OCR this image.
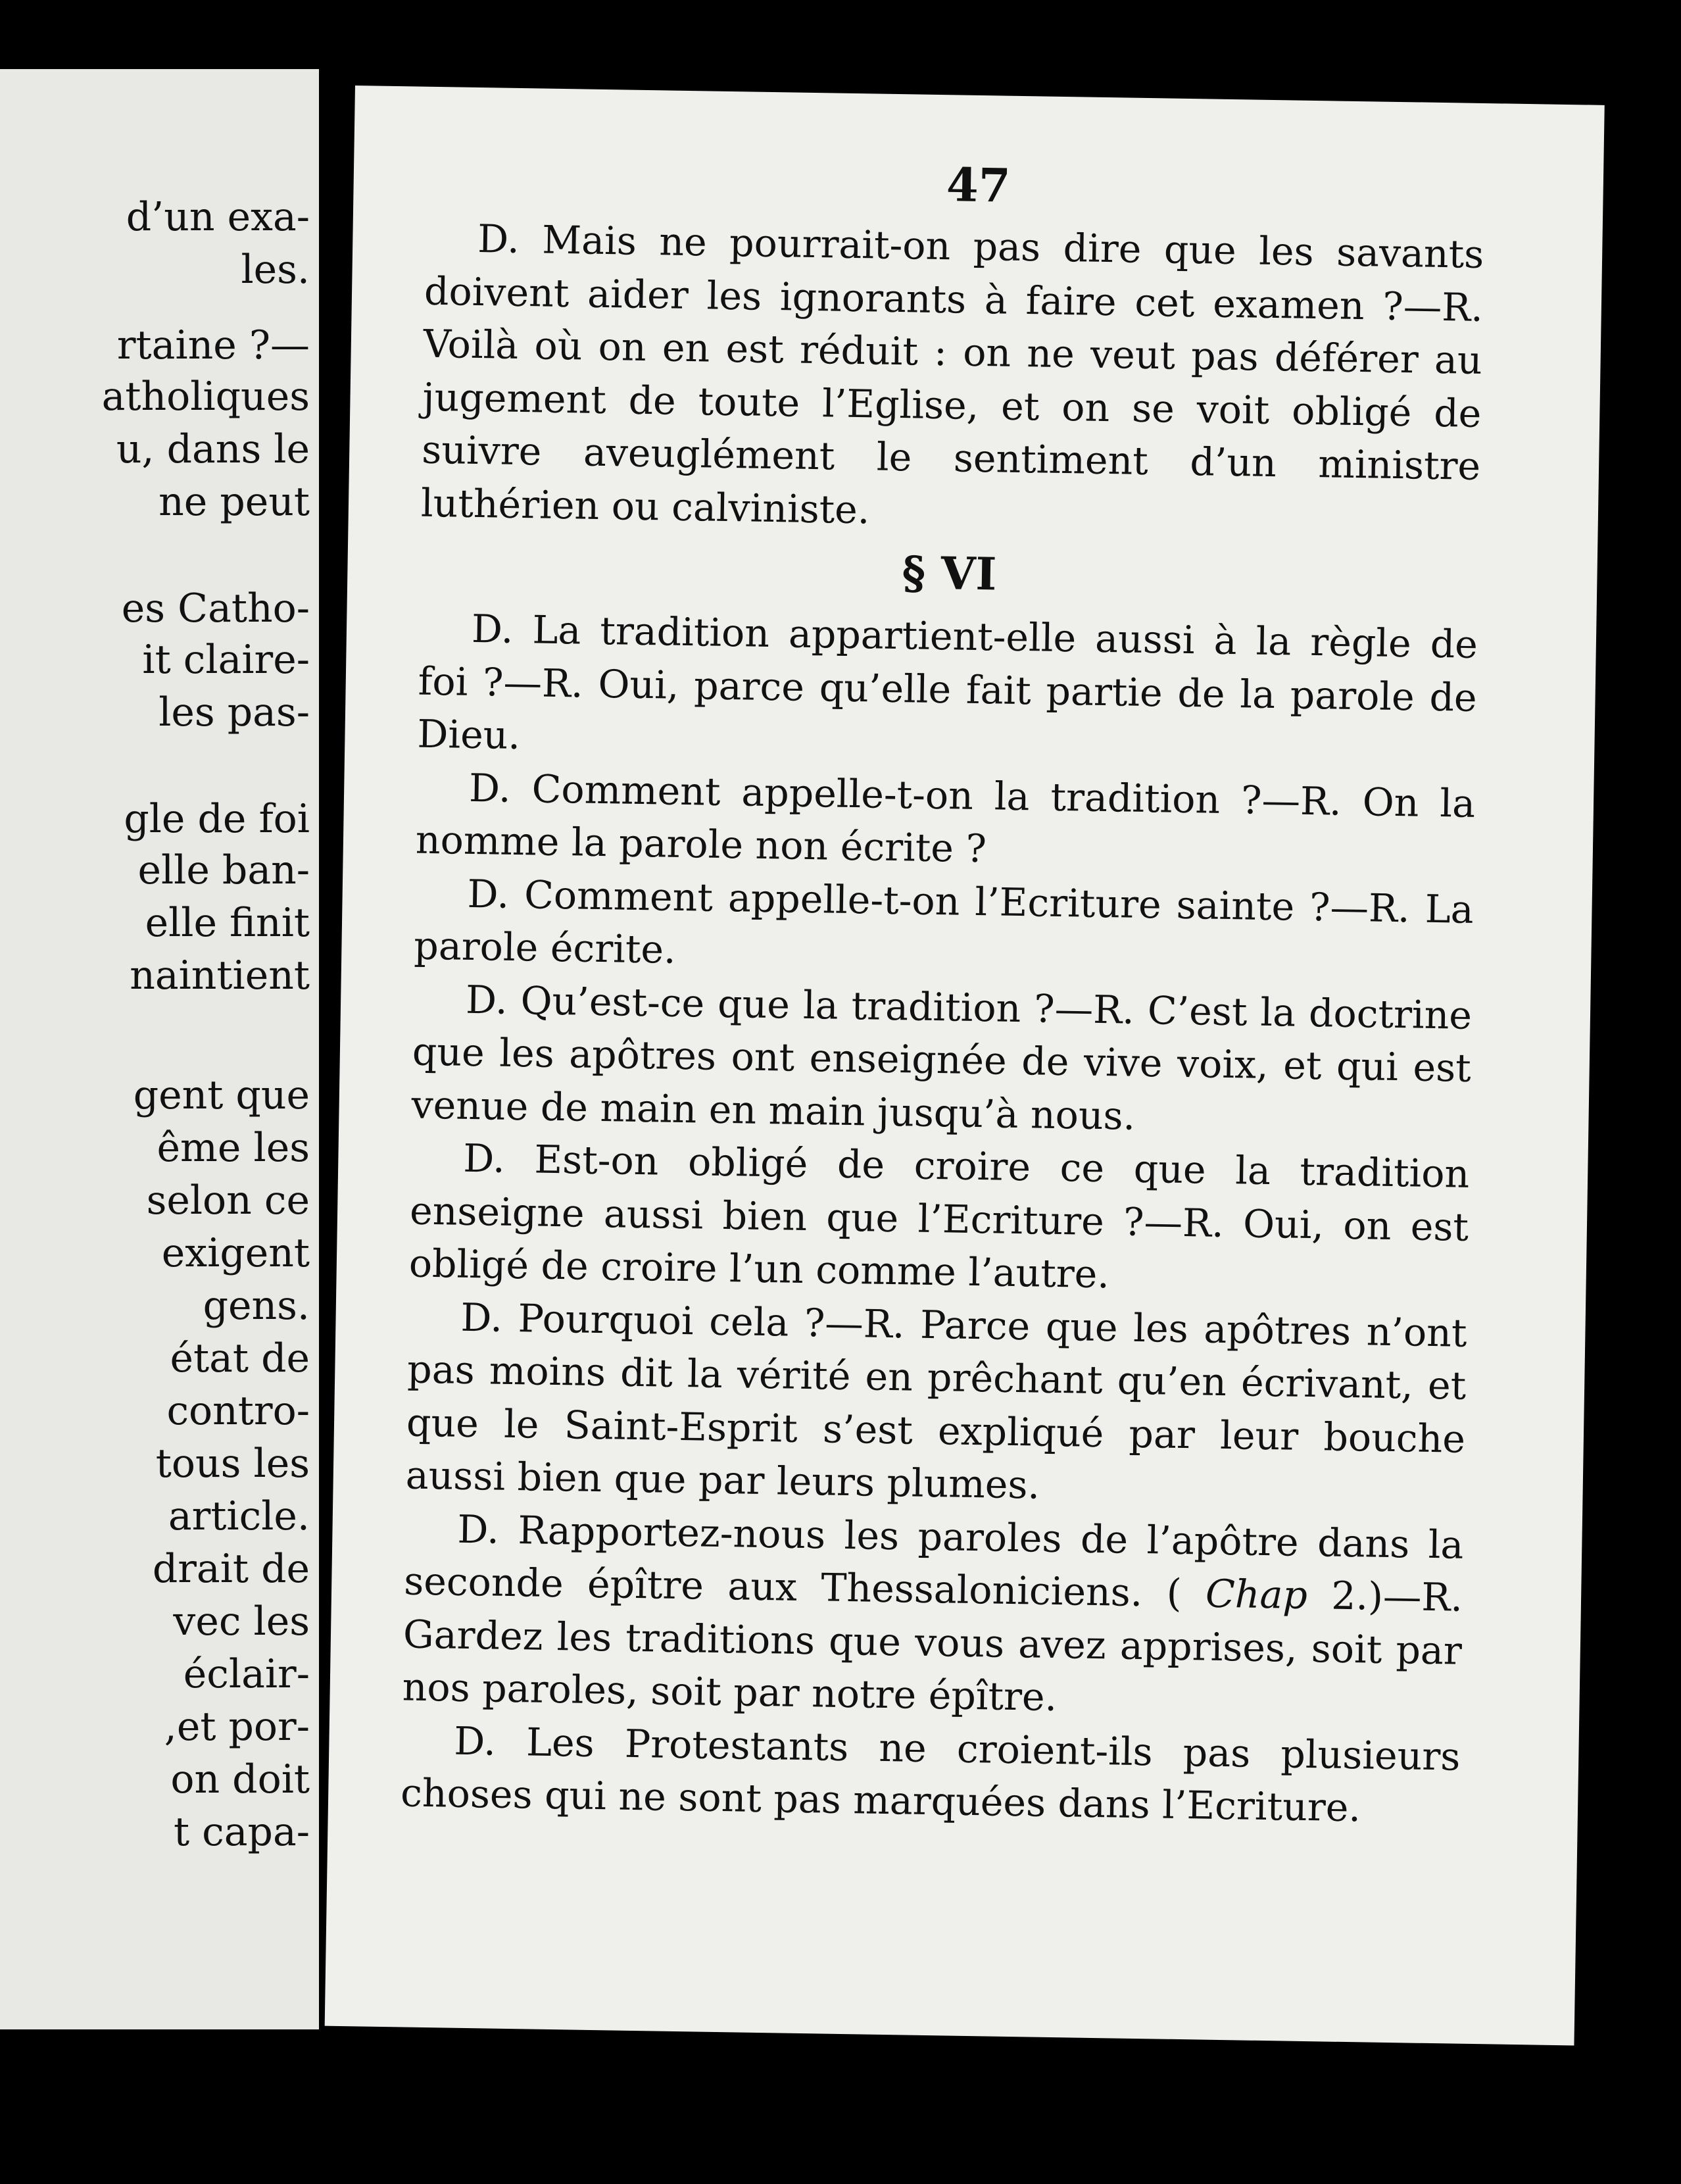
d’un exa-
les.
rtaine ?—
atholiques
u, dans le
ne peut
es Catho-
it claire-
les pas-
gle de foi
elle ban-
elle finit
naintient
gent que
ême les
selon ce
exigent
gens.
état de
contro-
tous les
article.
drait de
vec les
éclair-
,et por-
on doit
t capa-
47

D. Mais ne pourrait-on pas dire que les savants doivent aider les ignorants à faire cet examen ?—R. Voilà où on en est réduit : on ne veut pas déférer au jugement de toute l’Eglise, et on se voit obligé de suivre aveuglément le sentiment d’un ministre luthérien ou calviniste.

§ VI

D. La tradition appartient-elle aussi à la règle de foi ?—R. Oui, parce qu’elle fait partie de la parole de Dieu.

D. Comment appelle-t-on la tradition ?—R. On la nomme la parole non écrite ?

D. Comment appelle-t-on l’Ecriture sainte ?—R. La parole écrite.

D. Qu’est-ce que la tradition ?—R. C’est la doctrine que les apôtres ont enseignée de vive voix, et qui est venue de main en main jusqu’à nous.

D. Est-on obligé de croire ce que la tradition enseigne aussi bien que l’Ecriture ?—R. Oui, on est obligé de croire l’un comme l’autre.

D. Pourquoi cela ?—R. Parce que les apôtres n’ont pas moins dit la vérité en prêchant qu’en écrivant, et que le Saint-Esprit s’est expliqué par leur bouche aussi bien que par leurs plumes.

D. Rapportez-nous les paroles de l’apôtre dans la seconde épître aux Thessaloniciens. ( Chap 2.)—R. Gardez les traditions que vous avez apprises, soit par nos paroles, soit par notre épître.

D. Les Protestants ne croient-ils pas plusieurs choses qui ne sont pas marquées dans l’Ecriture.
